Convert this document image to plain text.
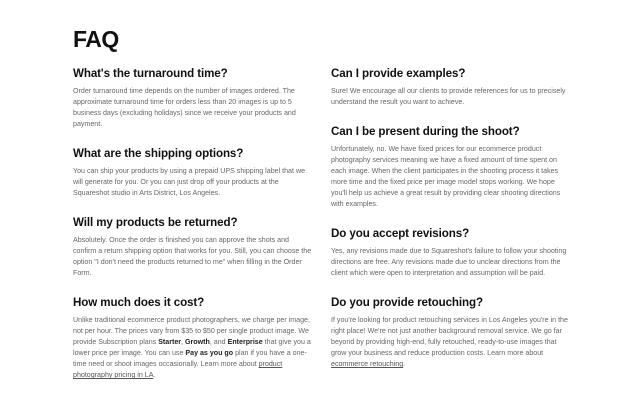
FAQ
What's the turnaround time?

Order turnaround time depends on the number of images ordered. The approximate turnaround time for orders less than 20 images is up to 5 business days (excluding holidays) since we receive your products and payment.

What are the shipping options?

You can ship your products by using a prepaid UPS shipping label that we will generate for you. Or you can just drop off your products at the Squareshot studio in Arts District, Los Angeles.

Will my products be returned?

Absolutely. Once the order is finished you can approve the shots and confirm a return shipping option that works for you. Still, you can choose the option "I don't need the products returned to me" when filling in the Order Form.

How much does it cost?

Unlike traditional ecommerce product photographers, we charge per image, not per hour. The prices vary from $35 to $50 per single product image. We provide Subscription plans Starter, Growth, and Enterprise that give you a lower price per image. You can use Pay as you go plan if you have a one-time need or shoot images occasionally. Learn more about product photography pricing in LA.

Can I provide examples?

Sure! We encourage all our clients to provide references for us to precisely understand the result you want to achieve.

Can I be present during the shoot?

Unfortunately, no. We have fixed prices for our ecommerce product photography services meaning we have a fixed amount of time spent on each image. When the client participates in the shooting process it takes more time and the fixed price per image model stops working. We hope you'll help us achieve a great result by providing clear shooting directions with examples.

Do you accept revisions?

Yes, any revisions made due to Squareshot's failure to follow your shooting directions are free. Any revisions made due to unclear directions from the client which were open to interpretation and assumption will be paid.

Do you provide retouching?

If you're looking for product retouching services in Los Angeles you're in the right place! We're not just another background removal service. We go far beyond by providing high-end, fully retouched, ready-to-use images that grow your business and reduce production costs. Learn more about ecommerce retouching.
